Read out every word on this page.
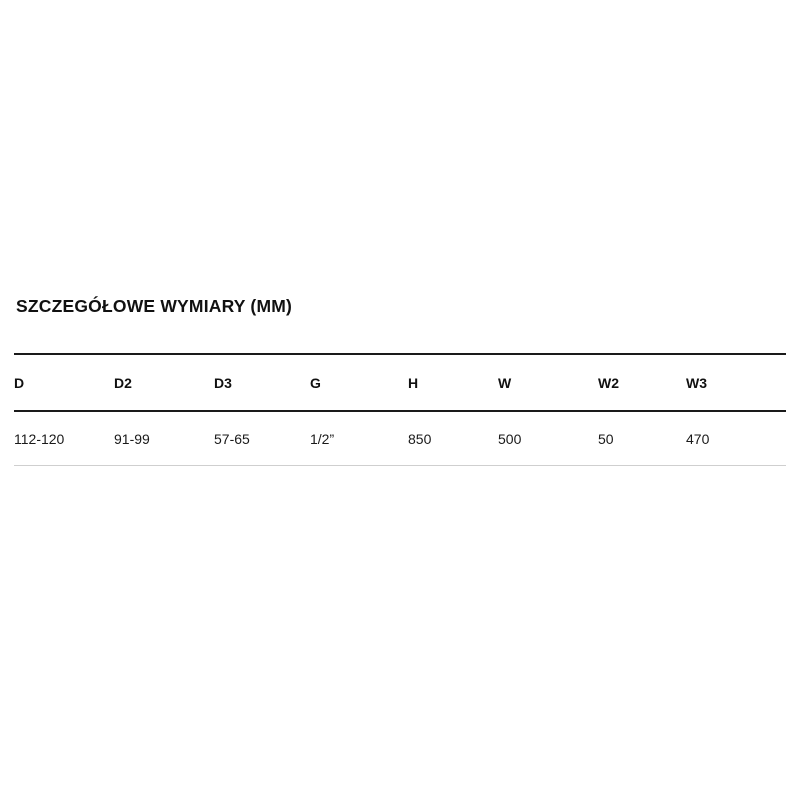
SZCZEGÓŁOWE WYMIARY (MM)
D	D2	D3	G	H	W	W2	W3
112-120	91-99	57-65	1/2”	850	500	50	470
